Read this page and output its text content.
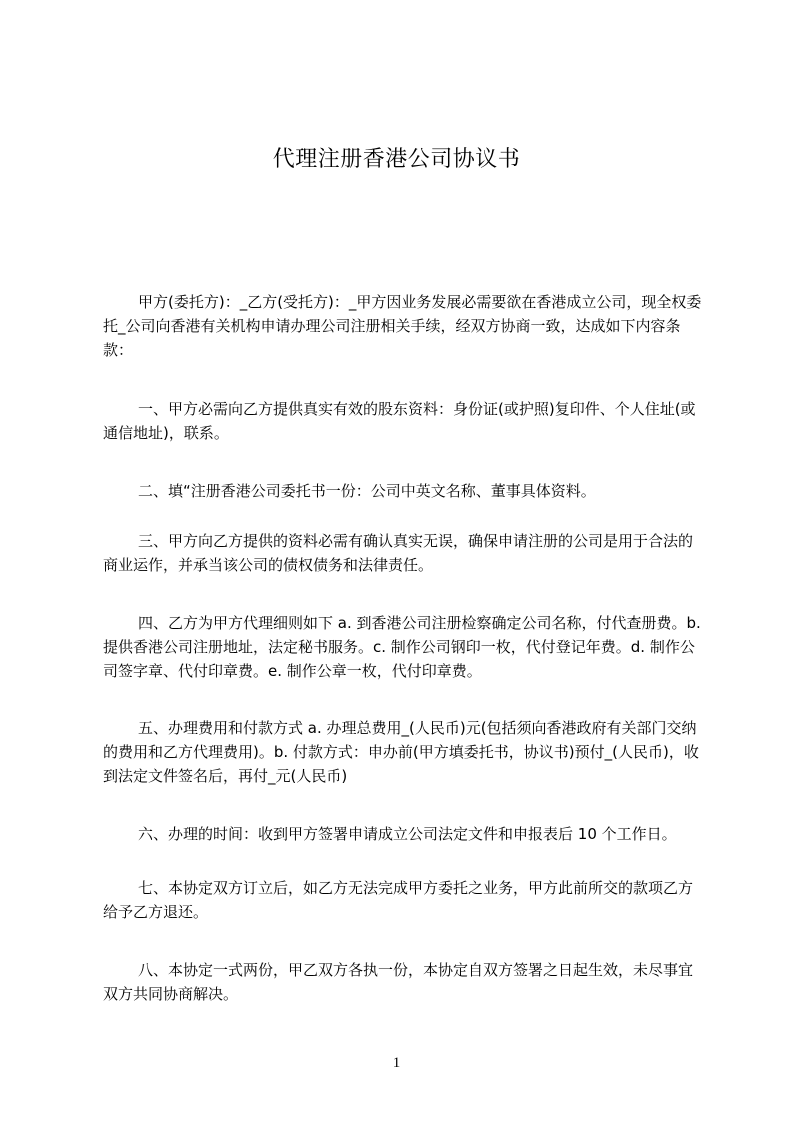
代理注册香港公司协议书

甲方(委托方)：_乙方(受托方)：_甲方因业务发展必需要欲在香港成立公司，现全权委托_公司向香港有关机构申请办理公司注册相关手续，经双方协商一致，达成如下内容条款：

一、甲方必需向乙方提供真实有效的股东资料：身份证(或护照)复印件、个人住址(或通信地址)，联系。

二、填“注册香港公司委托书一份：公司中英文名称、董事具体资料。

三、甲方向乙方提供的资料必需有确认真实无误，确保申请注册的公司是用于合法的商业运作，并承当该公司的债权债务和法律责任。

四、乙方为甲方代理细则如下 a. 到香港公司注册检察确定公司名称，付代查册费。b. 提供香港公司注册地址，法定秘书服务。c. 制作公司钢印一枚，代付登记年费。d. 制作公司签字章、代付印章费。e. 制作公章一枚，代付印章费。

五、办理费用和付款方式 a. 办理总费用_(人民币)元(包括须向香港政府有关部门交纳的费用和乙方代理费用)。b. 付款方式：申办前(甲方填委托书，协议书)预付_(人民币)，收到法定文件签名后，再付_元(人民币)

六、办理的时间：收到甲方签署申请成立公司法定文件和申报表后 10 个工作日。

七、本协定双方订立后，如乙方无法完成甲方委托之业务，甲方此前所交的款项乙方给予乙方退还。

八、本协定一式两份，甲乙双方各执一份，本协定自双方签署之日起生效，未尽事宜双方共同协商解决。

1
